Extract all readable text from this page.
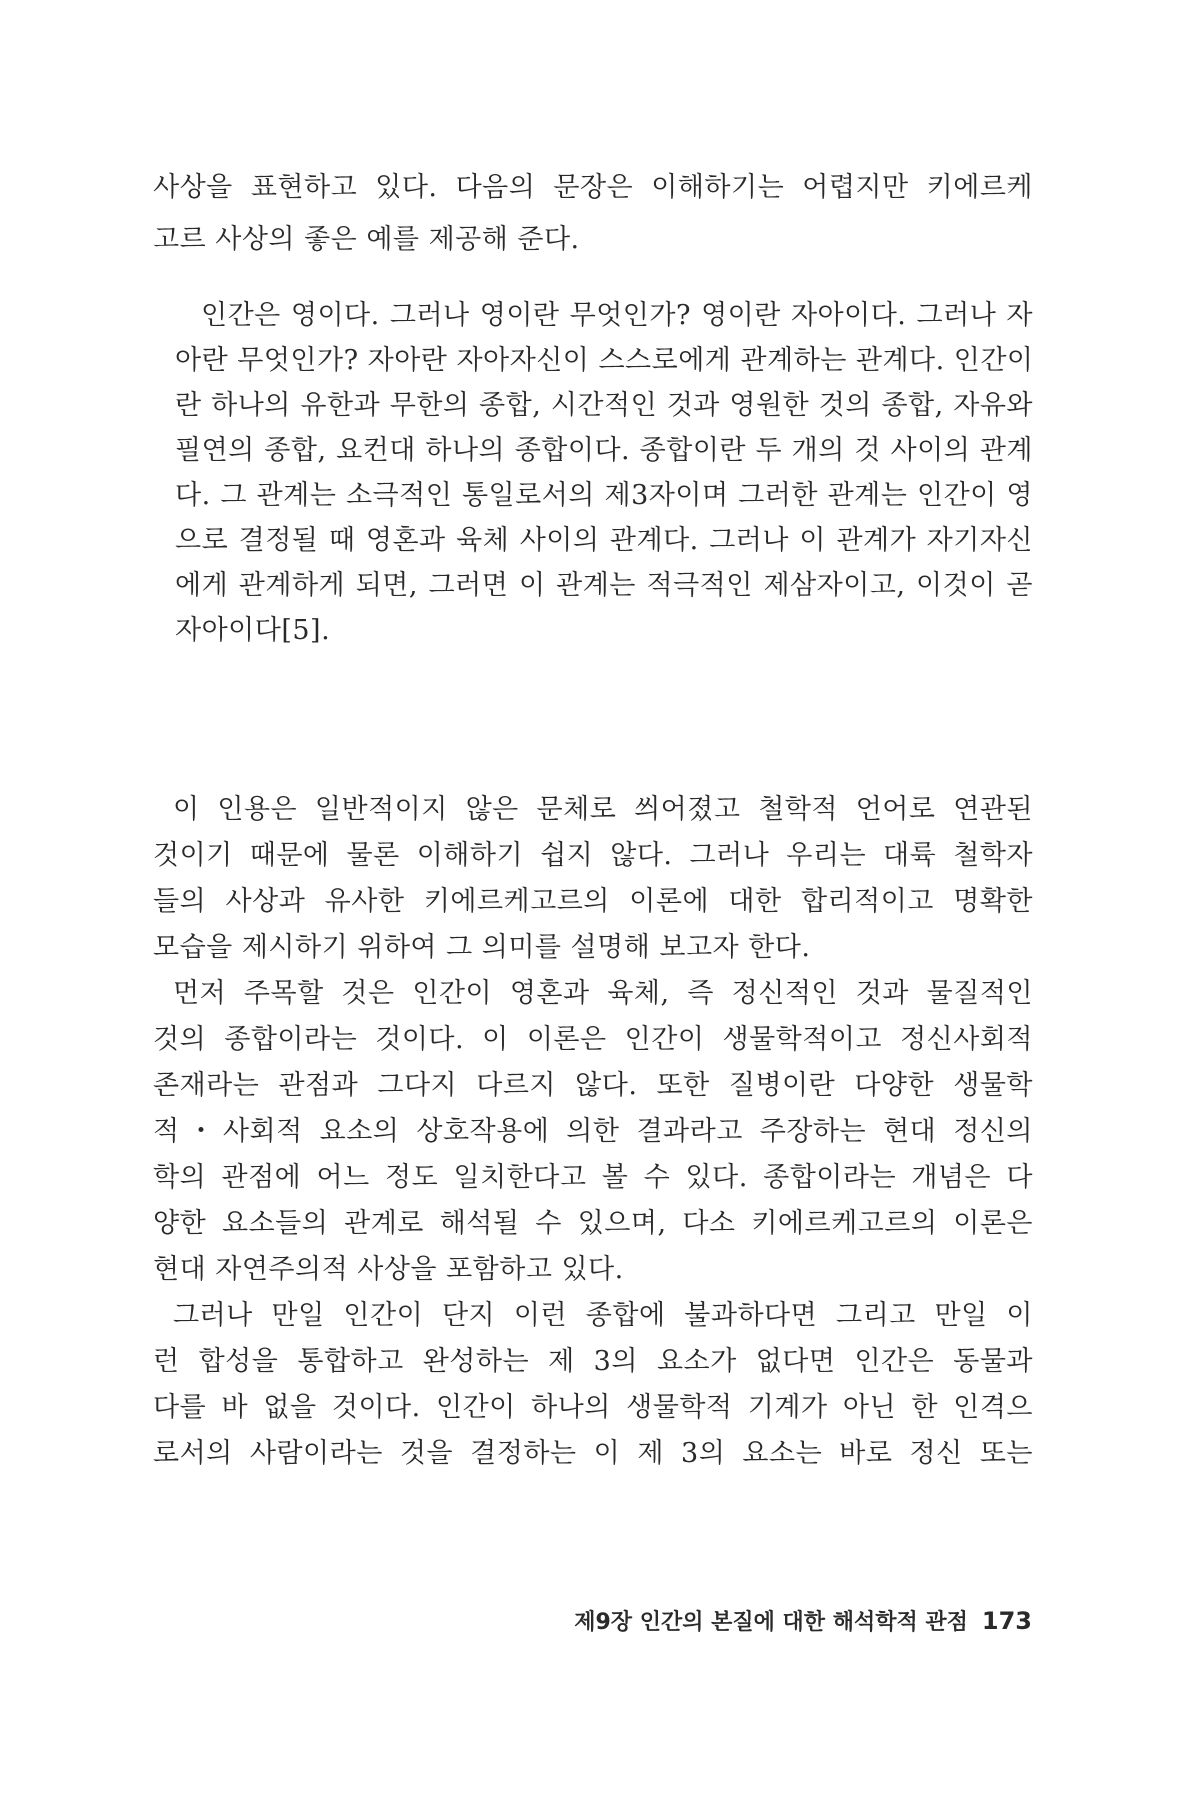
사상을 표현하고 있다. 다음의 문장은 이해하기는 어렵지만 키에르케
고르 사상의 좋은 예를 제공해 준다.
인간은 영이다. 그러나 영이란 무엇인가? 영이란 자아이다. 그러나 자
아란 무엇인가? 자아란 자아자신이 스스로에게 관계하는 관계다. 인간이
란 하나의 유한과 무한의 종합, 시간적인 것과 영원한 것의 종합, 자유와
필연의 종합, 요컨대 하나의 종합이다. 종합이란 두 개의 것 사이의 관계
다. 그 관계는 소극적인 통일로서의 제3자이며 그러한 관계는 인간이 영
으로 결정될 때 영혼과 육체 사이의 관계다. 그러나 이 관계가 자기자신
에게 관계하게 되면, 그러면 이 관계는 적극적인 제삼자이고, 이것이 곧
자아이다[5].
이 인용은 일반적이지 않은 문체로 씌어졌고 철학적 언어로 연관된
것이기 때문에 물론 이해하기 쉽지 않다. 그러나 우리는 대륙 철학자
들의 사상과 유사한 키에르케고르의 이론에 대한 합리적이고 명확한
모습을 제시하기 위하여 그 의미를 설명해 보고자 한다.
먼저 주목할 것은 인간이 영혼과 육체, 즉 정신적인 것과 물질적인
것의 종합이라는 것이다. 이 이론은 인간이 생물학적이고 정신사회적
존재라는 관점과 그다지 다르지 않다. 또한 질병이란 다양한 생물학
적・사회적 요소의 상호작용에 의한 결과라고 주장하는 현대 정신의
학의 관점에 어느 정도 일치한다고 볼 수 있다. 종합이라는 개념은 다
양한 요소들의 관계로 해석될 수 있으며, 다소 키에르케고르의 이론은
현대 자연주의적 사상을 포함하고 있다.
그러나 만일 인간이 단지 이런 종합에 불과하다면 그리고 만일 이
런 합성을 통합하고 완성하는 제 3의 요소가 없다면 인간은 동물과
다를 바 없을 것이다. 인간이 하나의 생물학적 기계가 아닌 한 인격으
로서의 사람이라는 것을 결정하는 이 제 3의 요소는 바로 정신 또는
제9장 인간의 본질에 대한 해석학적 관점 173
